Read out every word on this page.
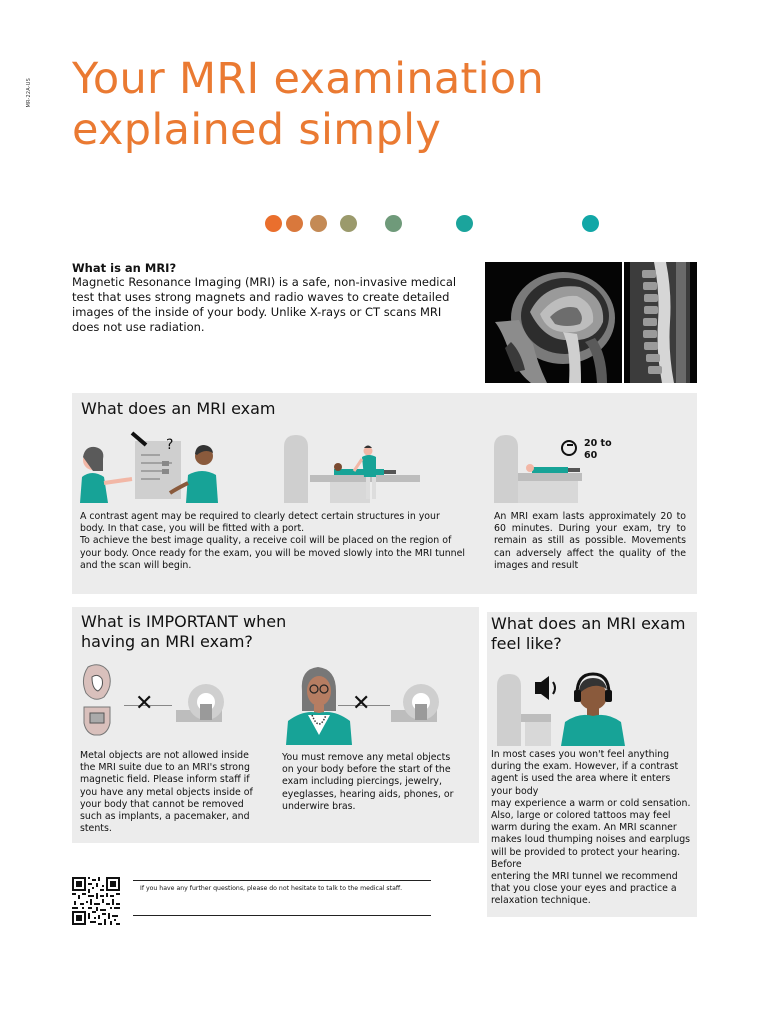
MR-22A-US Your MRI examination
explained simply
What is an MRI?
Magnetic Resonance Imaging (MRI) is a safe, non-invasive medical test that uses strong magnets and radio waves to create detailed images of the inside of your body. Unlike X-rays or CT scans MRI does not use radiation.
What does an MRI exam
?	20 to 60
A contrast agent may be required to clearly detect certain structures in your body. In that case, you will be fitted with a port.
To achieve the best image quality, a receive coil will be placed on the region of your body. Once ready for the exam, you will be moved slowly into the MRI tunnel and the scan will begin.
An MRI exam lasts approximately 20 to 60 minutes. During your exam, try to remain as still as possible. Movements can adversely affect the quality of the images and result
What is IMPORTANT when having an MRI exam?
✕	✕
Metal objects are not allowed inside the MRI suite due to an MRI's strong magnetic field. Please inform staff if you have any metal objects inside of your body that cannot be removed such as implants, a pacemaker, and stents.
You must remove any metal objects on your body before the start of the exam including piercings, jewelry, eyeglasses, hearing aids, phones, or underwire bras.
What does an MRI exam feel like?
In most cases you won't feel anything during the exam. However, if a contrast agent is used the area where it enters your body
may experience a warm or cold sensation. Also, large or colored tattoos may feel warm during the exam. An MRI scanner makes loud thumping noises and earplugs will be provided to protect your hearing. Before
entering the MRI tunnel we recommend that you close your eyes and practice a relaxation technique.
If you have any further questions, please do not hesitate to talk to the medical staff.
